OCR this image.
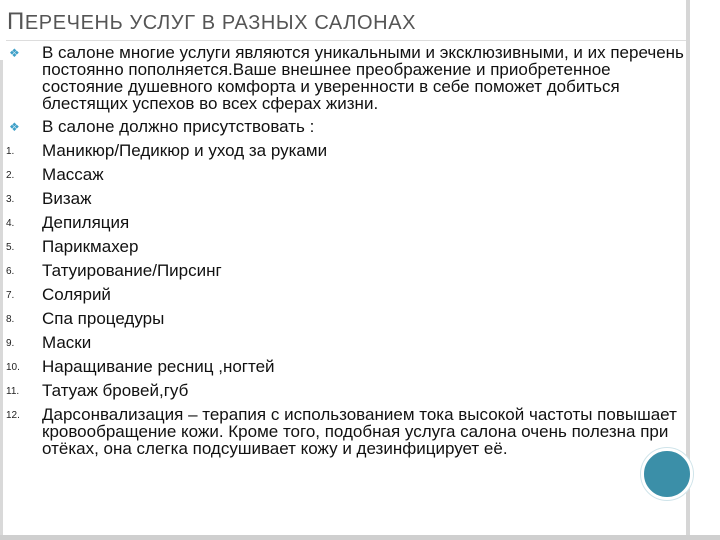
ПЕРЕЧЕНЬ УСЛУГ В РАЗНЫХ САЛОНАХ
❖ В салоне многие услуги являются уникальными и эксклюзивными, и их перечень постоянно пополняется.Ваше внешнее преображение и приобретенное состояние душевного комфорта и уверенности в себе поможет добиться блестящих успехов во всех сферах жизни.
❖ В салоне должно присутствовать :
1. Маникюр/Педикюр и уход за руками
2. Массаж
3. Визаж
4. Депиляция
5. Парикмахер
6. Татуирование/Пирсинг
7. Солярий
8. Спа процедуры
9. Маски
10. Наращивание ресниц ,ногтей
11. Татуаж бровей,губ
12. Дарсонвализация – терапия с использованием тока высокой частоты повышает кровообращение кожи. Кроме того, подобная услуга салона очень полезна при отёках, она слегка подсушивает кожу и дезинфицирует её.
